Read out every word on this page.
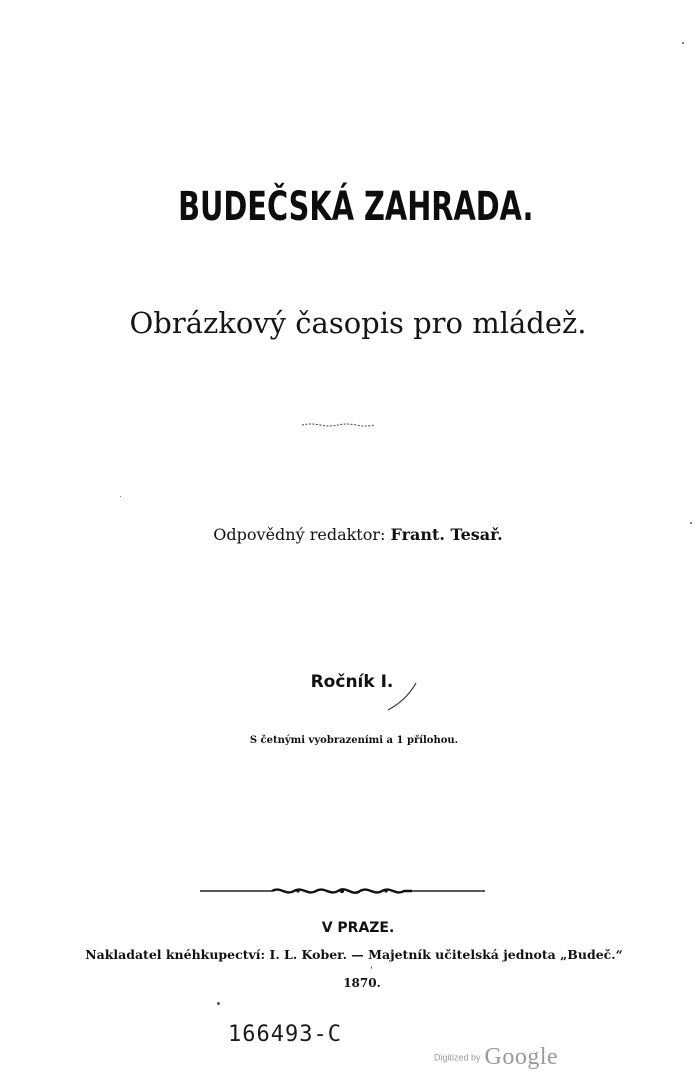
BUDEČSKÁ ZAHRADA.
Obrázkový časopis pro mládež.
Odpovědný redaktor: Frant. Tesař.
Ročník I.
S četnými vyobrazeními a 1 přílohou.
V PRAZE.
Nakladatel knéhkupectví: I. L. Kober. — Majetník učitelská jednota „Budeč.“
1870.
166493-C
Digitized by Google
